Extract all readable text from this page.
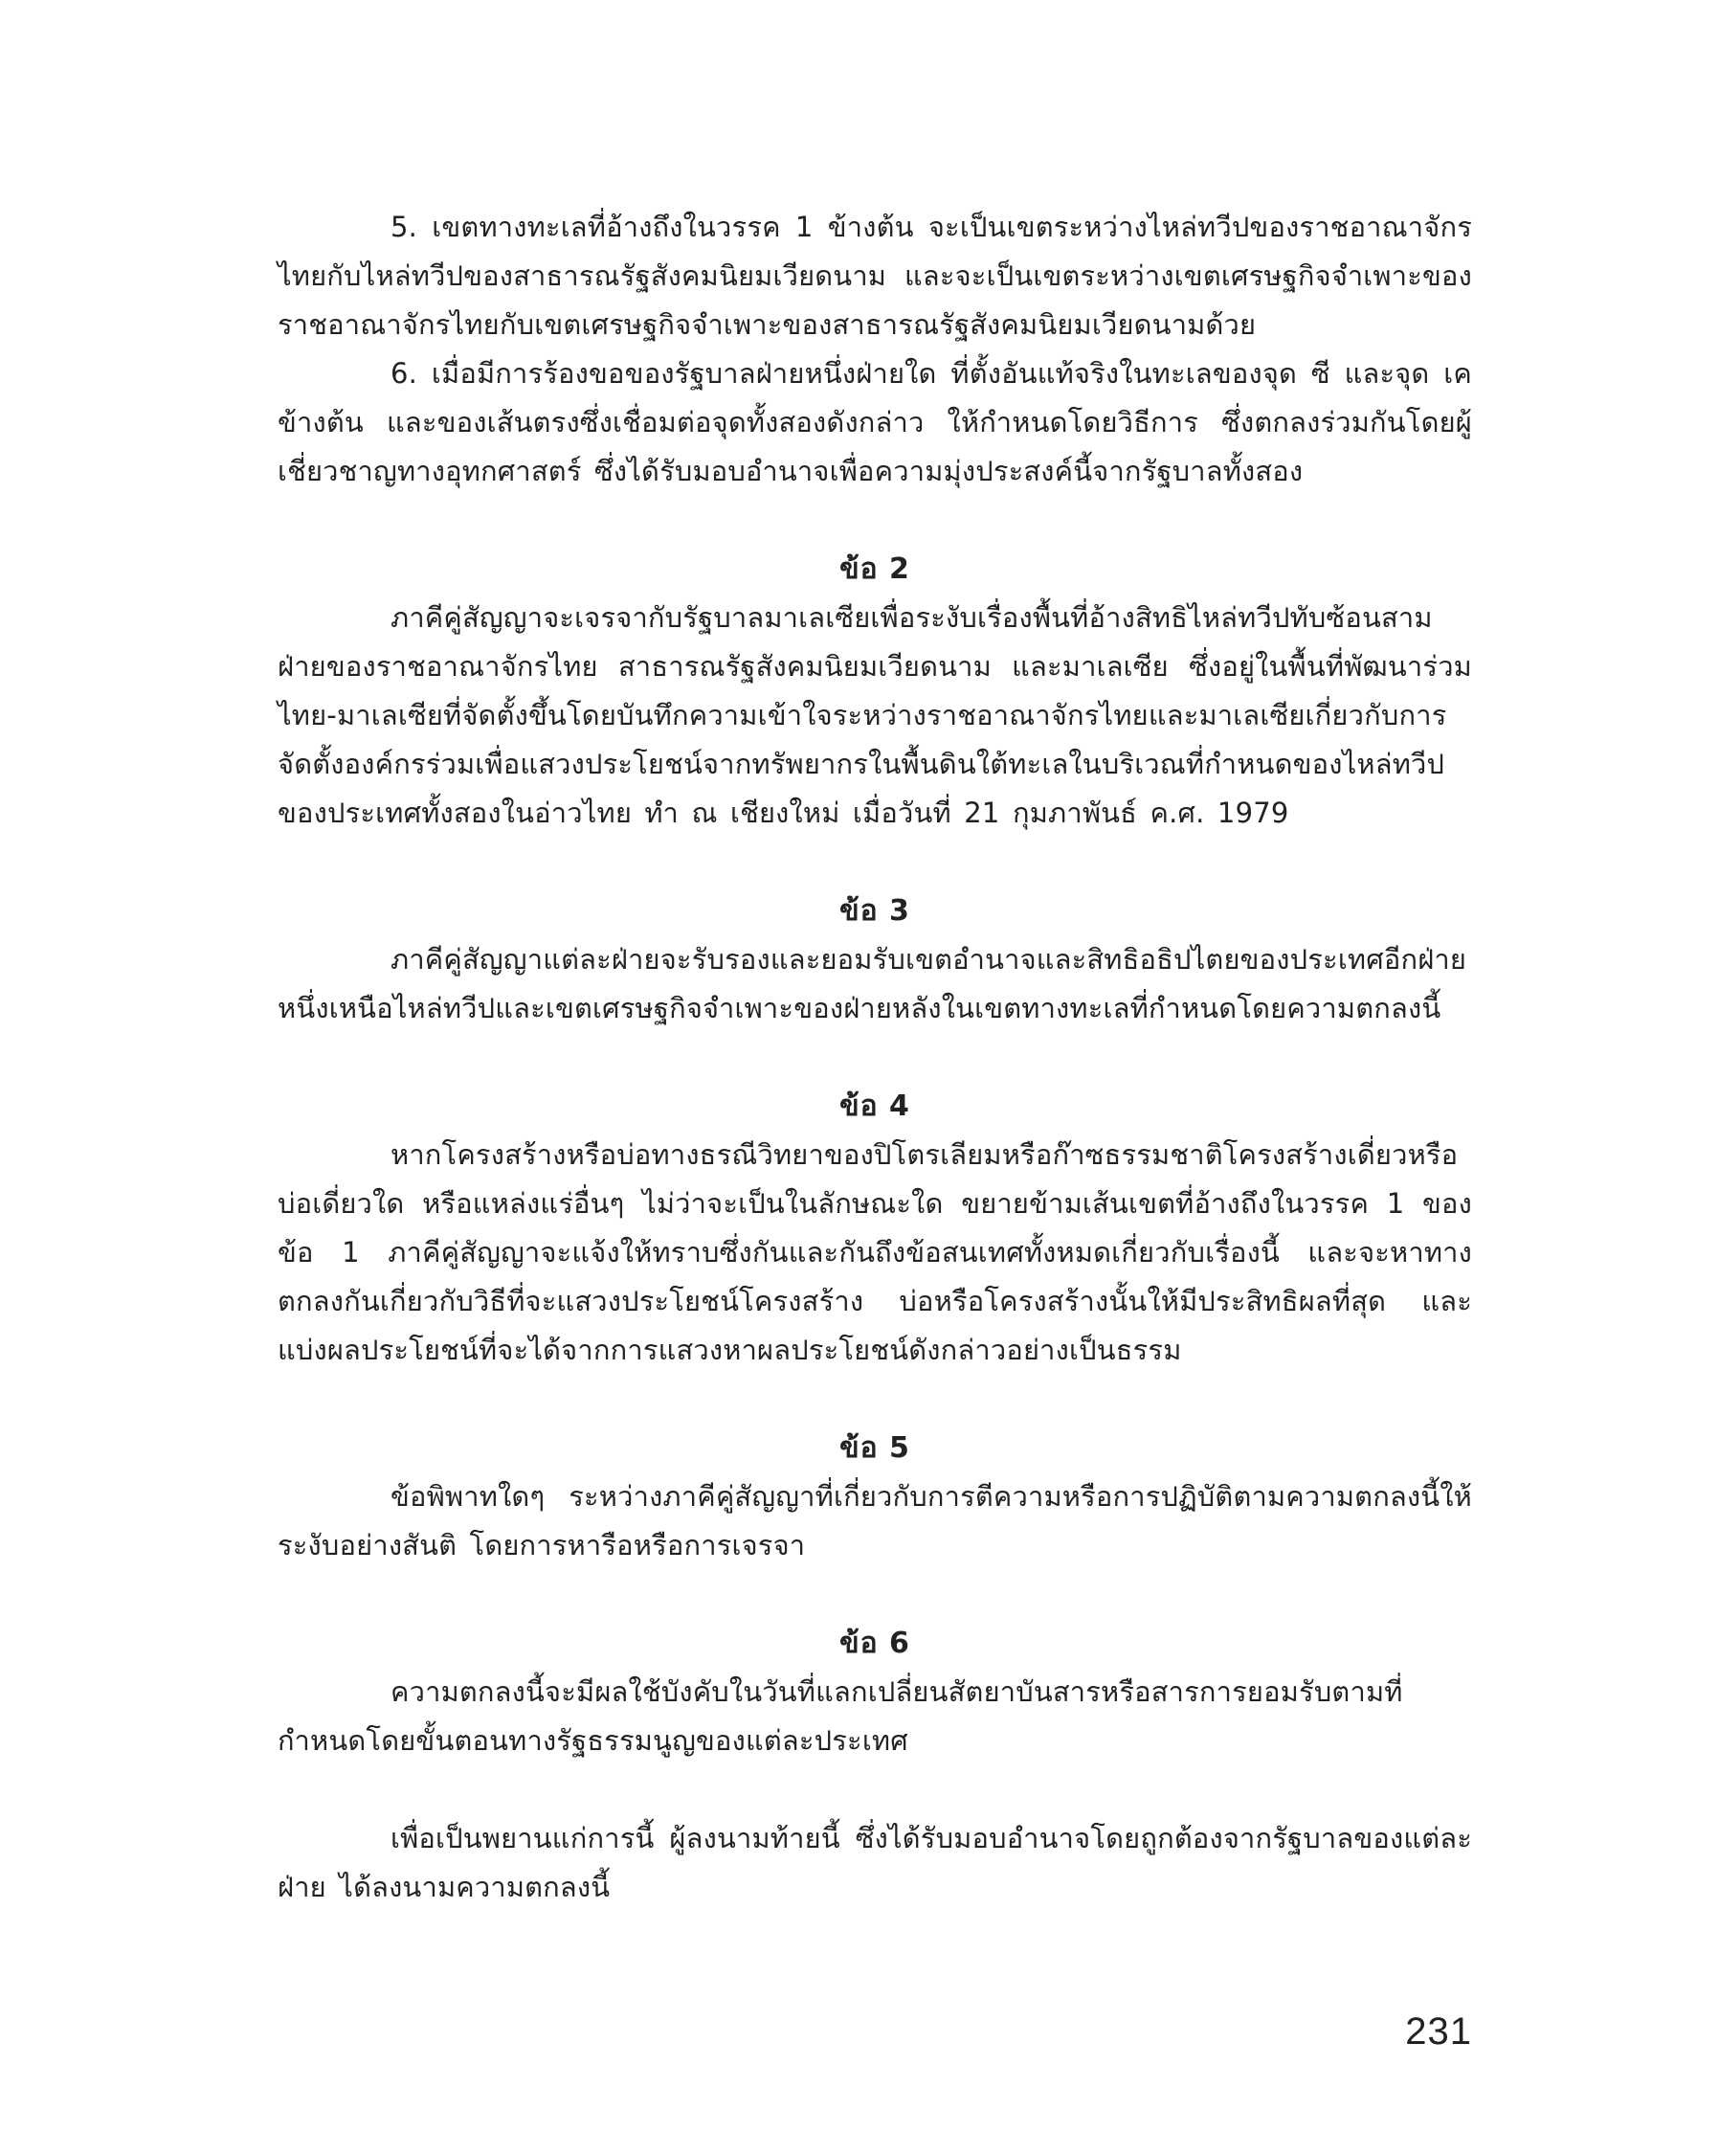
5. เขตทางทะเลที่อ้างถึงในวรรค 1 ข้างต้น จะเป็นเขตระหว่างไหล่ทวีปของราชอาณาจักรไทยกับไหล่ทวีปของสาธารณรัฐสังคมนิยมเวียดนาม และจะเป็นเขตระหว่างเขตเศรษฐกิจจำเพาะของราชอาณาจักรไทยกับเขตเศรษฐกิจจำเพาะของสาธารณรัฐสังคมนิยมเวียดนามด้วย

6. เมื่อมีการร้องขอของรัฐบาลฝ่ายหนึ่งฝ่ายใด ที่ตั้งอันแท้จริงในทะเลของจุด ซี และจุด เค ข้างต้น และของเส้นตรงซึ่งเชื่อมต่อจุดทั้งสองดังกล่าว ให้กำหนดโดยวิธีการ ซึ่งตกลงร่วมกันโดยผู้เชี่ยวชาญทางอุทกศาสตร์ ซึ่งได้รับมอบอำนาจเพื่อความมุ่งประสงค์นี้จากรัฐบาลทั้งสอง

ข้อ 2

ภาคีคู่สัญญาจะเจรจากับรัฐบาลมาเลเซียเพื่อระงับเรื่องพื้นที่อ้างสิทธิไหล่ทวีปทับซ้อนสามฝ่ายของราชอาณาจักรไทย สาธารณรัฐสังคมนิยมเวียดนาม และมาเลเซีย ซึ่งอยู่ในพื้นที่พัฒนาร่วมไทย-มาเลเซียที่จัดตั้งขึ้นโดยบันทึกความเข้าใจระหว่างราชอาณาจักรไทยและมาเลเซียเกี่ยวกับการจัดตั้งองค์กรร่วมเพื่อแสวงประโยชน์จากทรัพยากรในพื้นดินใต้ทะเลในบริเวณที่กำหนดของไหล่ทวีปของประเทศทั้งสองในอ่าวไทย ทำ ณ เชียงใหม่ เมื่อวันที่ 21 กุมภาพันธ์ ค.ศ. 1979

ข้อ 3

ภาคีคู่สัญญาแต่ละฝ่ายจะรับรองและยอมรับเขตอำนาจและสิทธิอธิปไตยของประเทศอีกฝ่ายหนึ่งเหนือไหล่ทวีปและเขตเศรษฐกิจจำเพาะของฝ่ายหลังในเขตทางทะเลที่กำหนดโดยความตกลงนี้

ข้อ 4

หากโครงสร้างหรือบ่อทางธรณีวิทยาของปิโตรเลียมหรือก๊าซธรรมชาติโครงสร้างเดี่ยวหรือบ่อเดี่ยวใด หรือแหล่งแร่อื่นๆ ไม่ว่าจะเป็นในลักษณะใด ขยายข้ามเส้นเขตที่อ้างถึงในวรรค 1 ของข้อ 1 ภาคีคู่สัญญาจะแจ้งให้ทราบซึ่งกันและกันถึงข้อสนเทศทั้งหมดเกี่ยวกับเรื่องนี้ และจะหาทางตกลงกันเกี่ยวกับวิธีที่จะแสวงประโยชน์โครงสร้าง บ่อหรือโครงสร้างนั้นให้มีประสิทธิผลที่สุด และแบ่งผลประโยชน์ที่จะได้จากการแสวงหาผลประโยชน์ดังกล่าวอย่างเป็นธรรม

ข้อ 5

ข้อพิพาทใดๆ ระหว่างภาคีคู่สัญญาที่เกี่ยวกับการตีความหรือการปฏิบัติตามความตกลงนี้ให้ระงับอย่างสันติ โดยการหารือหรือการเจรจา

ข้อ 6

ความตกลงนี้จะมีผลใช้บังคับในวันที่แลกเปลี่ยนสัตยาบันสารหรือสารการยอมรับตามที่กำหนดโดยขั้นตอนทางรัฐธรรมนูญของแต่ละประเทศ

เพื่อเป็นพยานแก่การนี้ ผู้ลงนามท้ายนี้ ซึ่งได้รับมอบอำนาจโดยถูกต้องจากรัฐบาลของแต่ละฝ่าย ได้ลงนามความตกลงนี้

231
